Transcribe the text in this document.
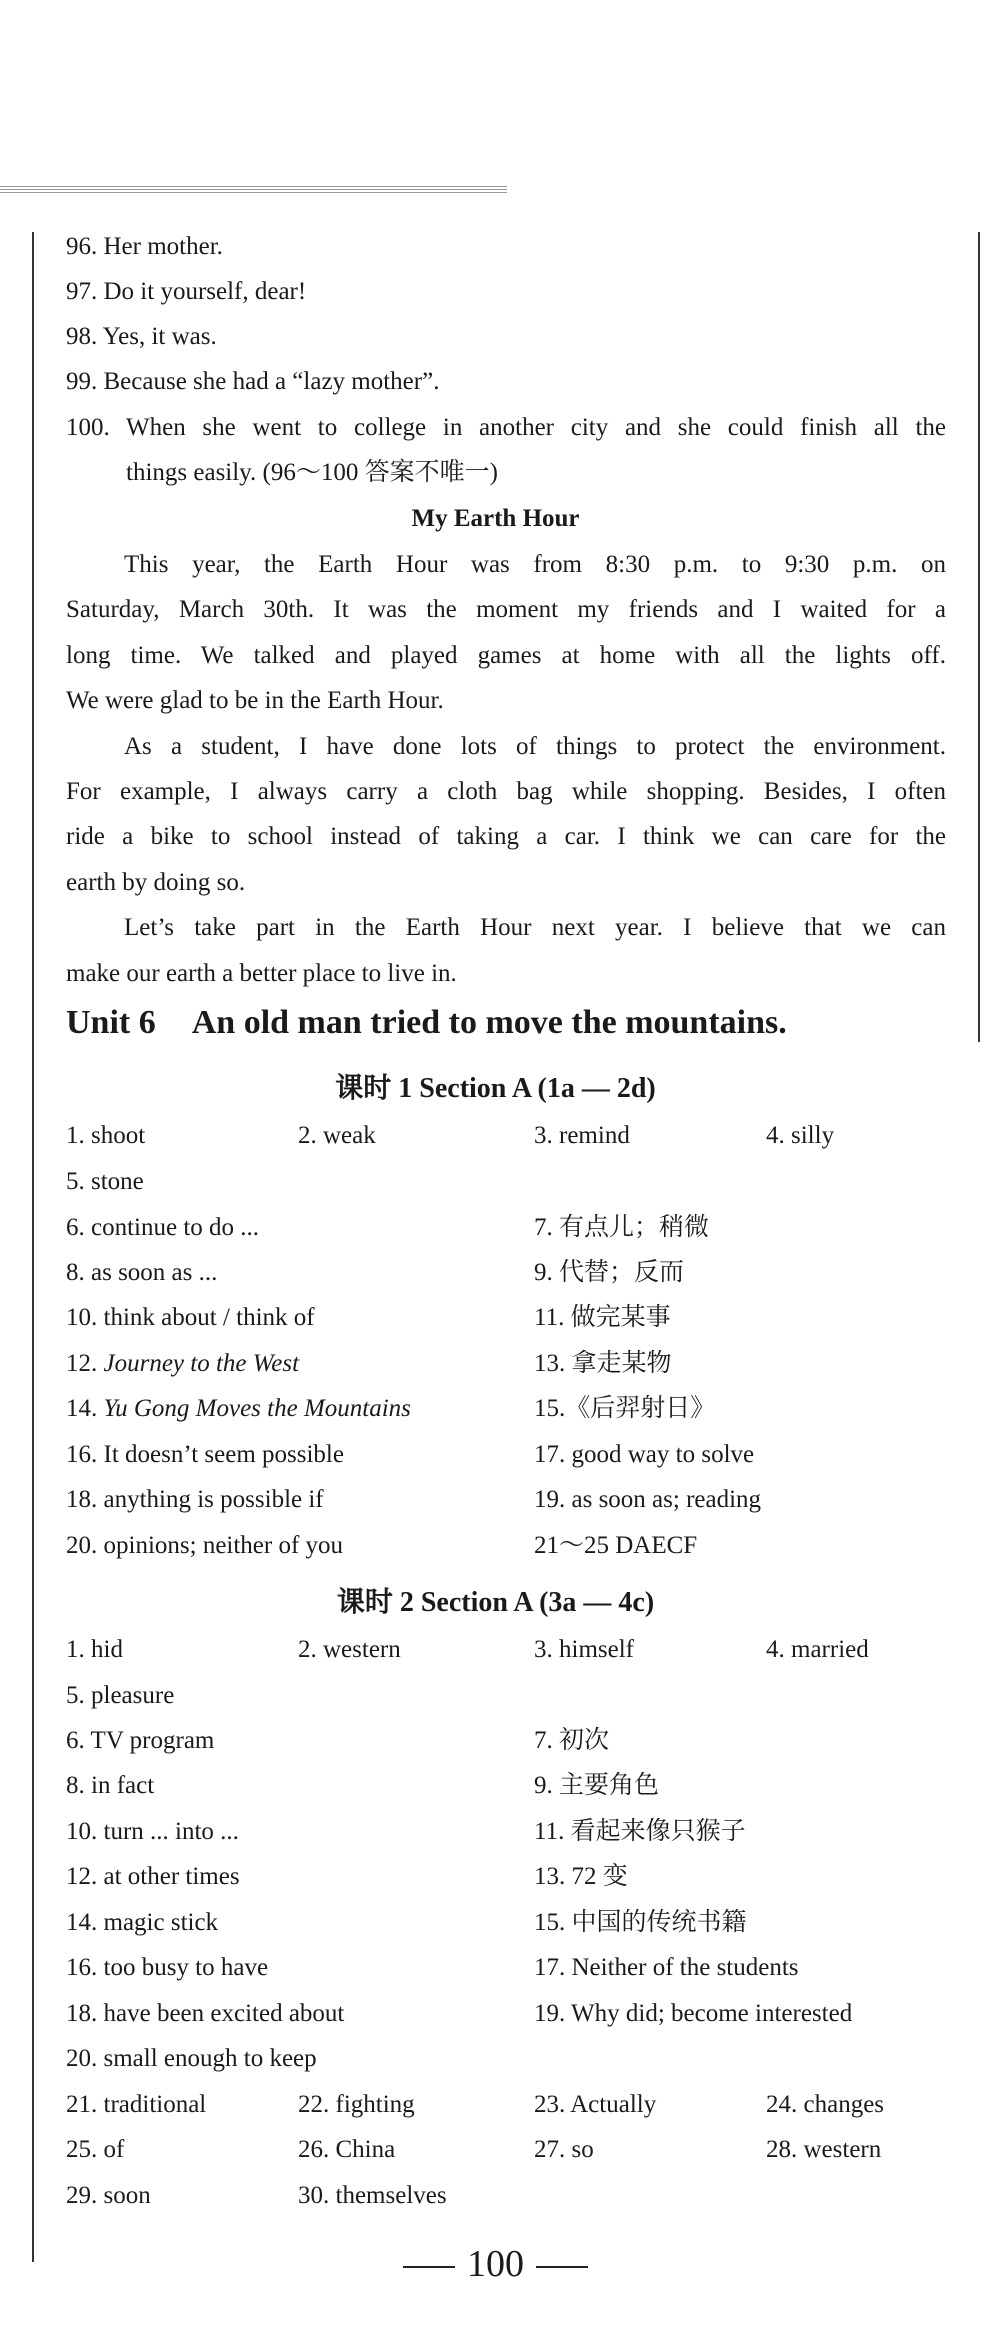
96. Her mother.
97. Do it yourself, dear!
98. Yes, it was.
99. Because she had a “lazy mother”.
100. When she went to college in another city and she could finish all the
things easily. (96～100 答案不唯一)
My Earth Hour
This year, the Earth Hour was from 8:30 p.m. to 9:30 p.m. on
Saturday, March 30th. It was the moment my friends and I waited for a
long time. We talked and played games at home with all the lights off.
We were glad to be in the Earth Hour.
As a student, I have done lots of things to protect the environment.
For example, I always carry a cloth bag while shopping. Besides, I often
ride a bike to school instead of taking a car. I think we can care for the
earth by doing so.
Let’s take part in the Earth Hour next year. I believe that we can
make our earth a better place to live in.
Unit 6 An old man tried to move the mountains.
课时 1 Section A (1a — 2d)
1. shoot	2. weak	3. remind	4. silly
5. stone
6. continue to do ...	7. 有点儿；稍微
8. as soon as ...	9. 代替；反而
10. think about / think of	11. 做完某事
12. Journey to the West	13. 拿走某物
14. Yu Gong Moves the Mountains	15.《后羿射日》
16. It doesn’t seem possible	17. good way to solve
18. anything is possible if	19. as soon as; reading
20. opinions; neither of you	21～25 DAECF
课时 2 Section A (3a — 4c)
1. hid	2. western	3. himself	4. married
5. pleasure
6. TV program	7. 初次
8. in fact	9. 主要角色
10. turn ... into ...	11. 看起来像只猴子
12. at other times	13. 72 变
14. magic stick	15. 中国的传统书籍
16. too busy to have	17. Neither of the students
18. have been excited about	19. Why did; become interested
20. small enough to keep
21. traditional	22. fighting	23. Actually	24. changes
25. of	26. China	27. so	28. western
29. soon	30. themselves
100
